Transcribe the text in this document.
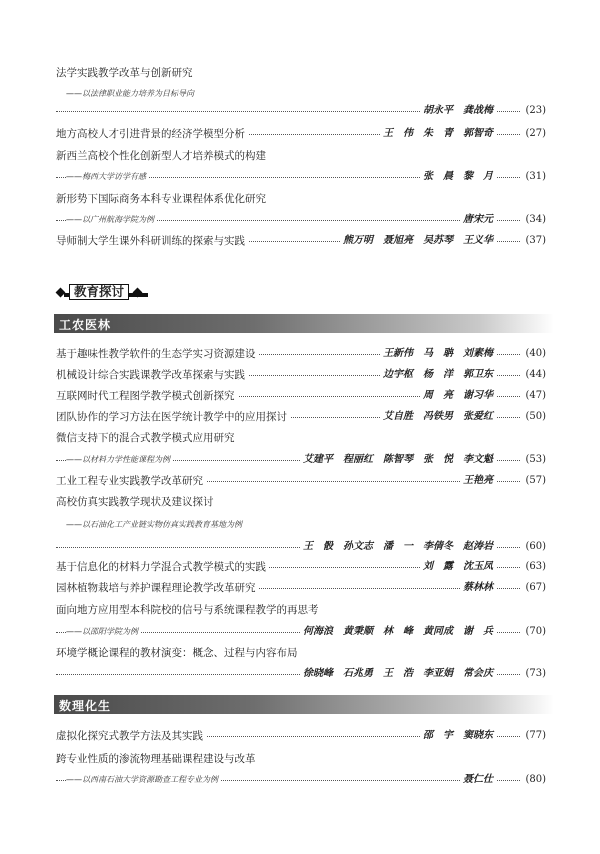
法学实践教学改革与创新研究
——以法律职业能力培养为目标导向
胡永平　龚战梅	(23)
地方高校人才引进背景的经济学模型分析	王　伟　朱　青　郭智奇	(27)
新西兰高校个性化创新型人才培养模式的构建
——梅西大学访学有感	张　晨　黎　月	(31)
新形势下国际商务本科专业课程体系优化研究
——以广州航海学院为例	唐宋元	(34)
导师制大学生课外科研训练的探索与实践	熊万明　聂旭亮　吴苏琴　王义华	(37)
教育探讨
工农医林
基于趣味性教学软件的生态学实习资源建设	王新伟　马　聃　刘素梅	(40)
机械设计综合实践课教学改革探索与实践	边宇枢　杨　洋　郭卫东	(44)
互联网时代工程图学教学模式创新探究	周　亮　谢习华	(47)
团队协作的学习方法在医学统计教学中的应用探讨	艾自胜　冯铁男　张爱红	(50)
微信支持下的混合式教学模式应用研究
——以材料力学性能课程为例	艾建平　程丽红　陈智琴　张　悦　李文魁	(53)
工业工程专业实践教学改革研究	王艳亮	(57)
高校仿真实践教学现状及建议探讨
——以石油化工产业链实物仿真实践教育基地为例
王　骰　孙文志　潘　一　李倩冬　赵涛岩	(60)
基于信息化的材料力学混合式教学模式的实践	刘　露　沈玉凤	(63)
园林植物栽培与养护课程理论教学改革研究	蔡林林	(67)
面向地方应用型本科院校的信号与系统课程教学的再思考
——以邵阳学院为例	何海浪　黄秉顺　林　峰　黄同成　谢　兵	(70)
环境学概论课程的教材演变：概念、过程与内容布局
徐晓峰　石兆勇　王　浩　李亚娟　常会庆	(73)
数理化生
虚拟化探究式教学方法及其实践	邵　宇　窦晓东	(77)
跨专业性质的渗流物理基础课程建设与改革
——以西南石油大学资源勘查工程专业为例	聂仁仕	(80)
